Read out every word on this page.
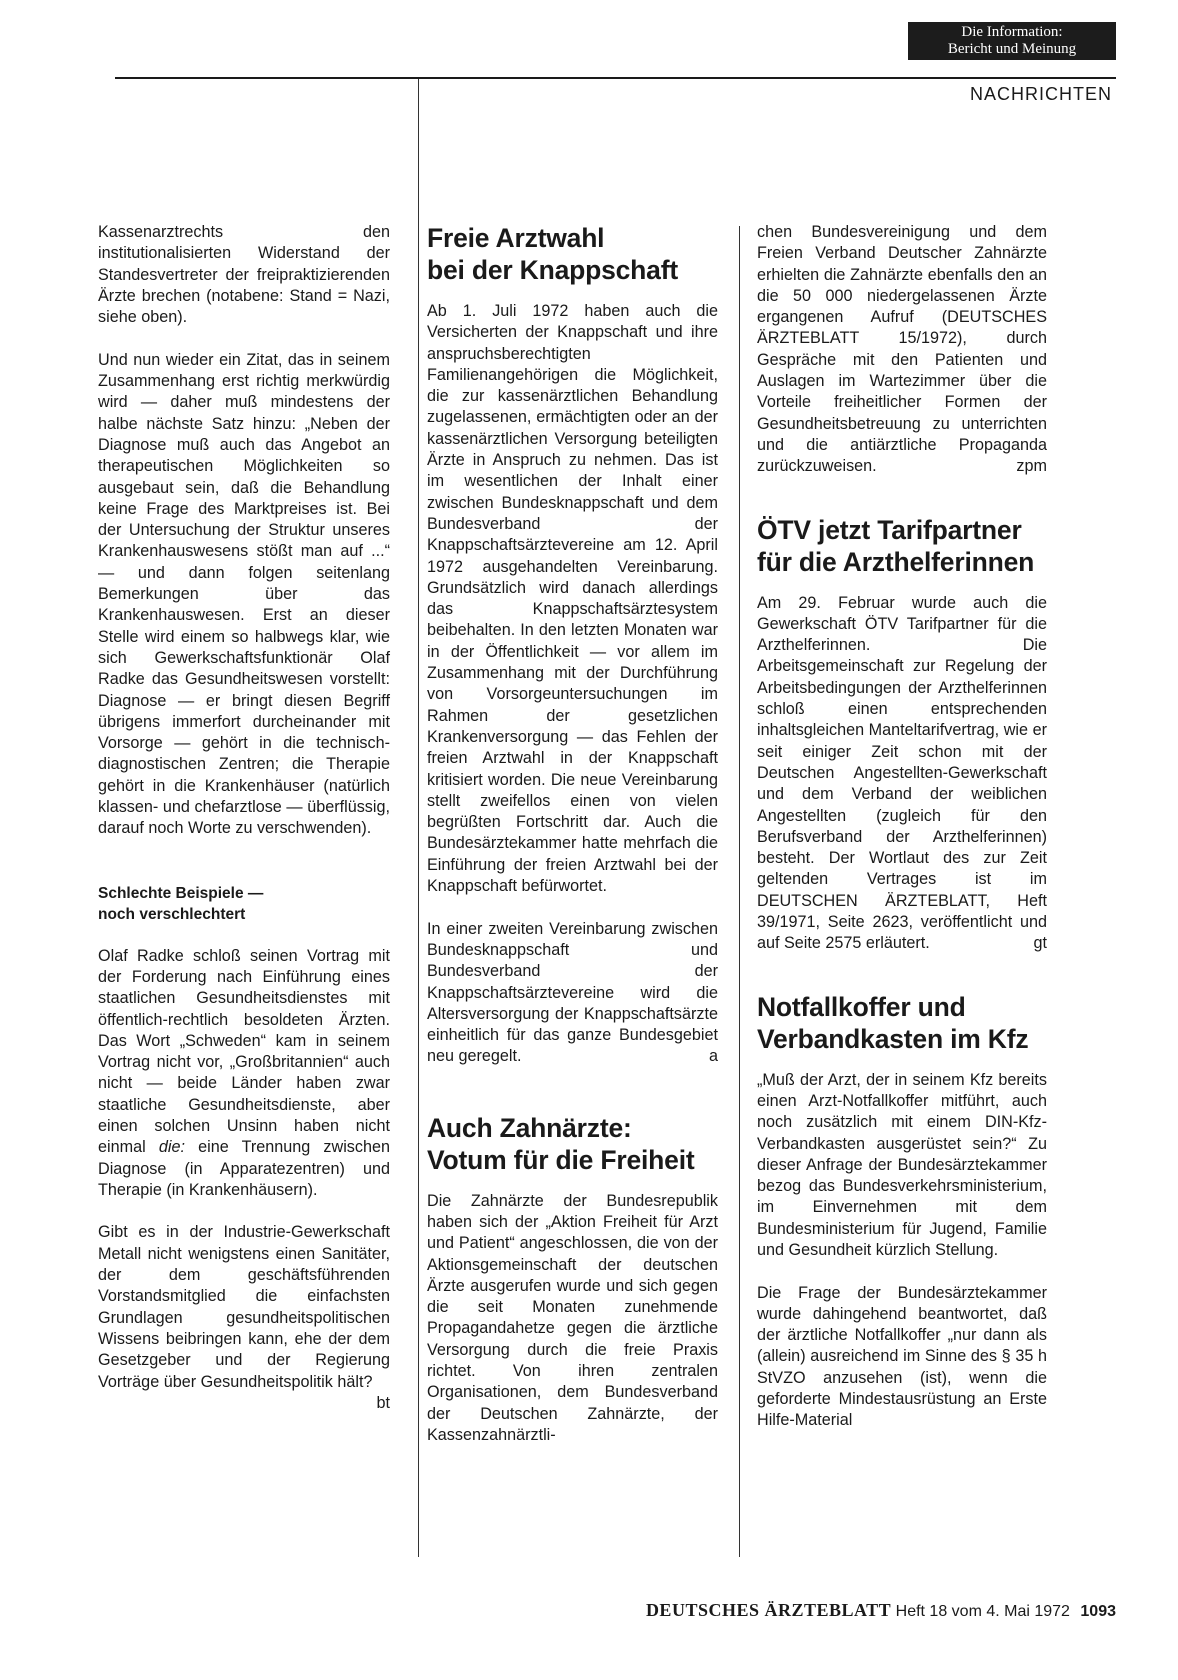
Die Information:
Bericht und Meinung
NACHRICHTEN

Kassenarztrechts den institutionalisierten Widerstand der Standesvertreter der freipraktizierenden Ärzte brechen (notabene: Stand = Nazi, siehe oben).

Und nun wieder ein Zitat, das in seinem Zusammenhang erst richtig merkwürdig wird — daher muß mindestens der halbe nächste Satz hinzu: „Neben der Diagnose muß auch das Angebot an therapeutischen Möglichkeiten so ausgebaut sein, daß die Behandlung keine Frage des Marktpreises ist. Bei der Untersuchung der Struktur unseres Krankenhauswesens stößt man auf ...“ — und dann folgen seitenlang Bemerkungen über das Krankenhauswesen. Erst an dieser Stelle wird einem so halbwegs klar, wie sich Gewerkschaftsfunktionär Olaf Radke das Gesundheitswesen vorstellt: Diagnose — er bringt diesen Begriff übrigens immerfort durcheinander mit Vorsorge — gehört in die technisch-diagnostischen Zentren; die Therapie gehört in die Krankenhäuser (natürlich klassen- und chefarztlose — überflüssig, darauf noch Worte zu verschwenden).

Schlechte Beispiele —
noch verschlechtert

Olaf Radke schloß seinen Vortrag mit der Forderung nach Einführung eines staatlichen Gesundheitsdienstes mit öffentlich-rechtlich besoldeten Ärzten. Das Wort „Schweden“ kam in seinem Vortrag nicht vor, „Großbritannien“ auch nicht — beide Länder haben zwar staatliche Gesundheitsdienste, aber einen solchen Unsinn haben nicht einmal die: eine Trennung zwischen Diagnose (in Apparatezentren) und Therapie (in Krankenhäusern).

Gibt es in der Industrie-Gewerkschaft Metall nicht wenigstens einen Sanitäter, der dem geschäftsführenden Vorstandsmitglied die einfachsten Grundlagen gesundheitspolitischen Wissens beibringen kann, ehe der dem Gesetzgeber und der Regierung Vorträge über Gesundheitspolitik hält?
bt

Freie Arztwahl
bei der Knappschaft

Ab 1. Juli 1972 haben auch die Versicherten der Knappschaft und ihre anspruchsberechtigten Familienangehörigen die Möglichkeit, die zur kassenärztlichen Behandlung zugelassenen, ermächtigten oder an der kassenärztlichen Versorgung beteiligten Ärzte in Anspruch zu nehmen. Das ist im wesentlichen der Inhalt einer zwischen Bundesknappschaft und dem Bundesverband der Knappschaftsärztevereine am 12. April 1972 ausgehandelten Vereinbarung. Grundsätzlich wird danach allerdings das Knappschaftsärztesystem beibehalten. In den letzten Monaten war in der Öffentlichkeit — vor allem im Zusammenhang mit der Durchführung von Vorsorgeuntersuchungen im Rahmen der gesetzlichen Krankenversorgung — das Fehlen der freien Arztwahl in der Knappschaft kritisiert worden. Die neue Vereinbarung stellt zweifellos einen von vielen begrüßten Fortschritt dar. Auch die Bundesärztekammer hatte mehrfach die Einführung der freien Arztwahl bei der Knappschaft befürwortet.

In einer zweiten Vereinbarung zwischen Bundesknappschaft und Bundesverband der Knappschaftsärztevereine wird die Altersversorgung der Knappschaftsärzte einheitlich für das ganze Bundesgebiet neu geregelt.	a

Auch Zahnärzte:
Votum für die Freiheit

Die Zahnärzte der Bundesrepublik haben sich der „Aktion Freiheit für Arzt und Patient“ angeschlossen, die von der Aktionsgemeinschaft der deutschen Ärzte ausgerufen wurde und sich gegen die seit Monaten zunehmende Propagandahetze gegen die ärztliche Versorgung durch die freie Praxis richtet. Von ihren zentralen Organisationen, dem Bundesverband der Deutschen Zahnärzte, der Kassenzahnärztli-

chen Bundesvereinigung und dem Freien Verband Deutscher Zahnärzte erhielten die Zahnärzte ebenfalls den an die 50 000 niedergelassenen Ärzte ergangenen Aufruf (DEUTSCHES ÄRZTEBLATT 15/1972), durch Gespräche mit den Patienten und Auslagen im Wartezimmer über die Vorteile freiheitlicher Formen der Gesundheitsbetreuung zu unterrichten und die antiärztliche Propaganda zurückzuweisen.	zpm

ÖTV jetzt Tarifpartner
für die Arzthelferinnen

Am 29. Februar wurde auch die Gewerkschaft ÖTV Tarifpartner für die Arzthelferinnen. Die Arbeitsgemeinschaft zur Regelung der Arbeitsbedingungen der Arzthelferinnen schloß einen entsprechenden inhaltsgleichen Manteltarifvertrag, wie er seit einiger Zeit schon mit der Deutschen Angestellten-Gewerkschaft und dem Verband der weiblichen Angestellten (zugleich für den Berufsverband der Arzthelferinnen) besteht. Der Wortlaut des zur Zeit geltenden Vertrages ist im DEUTSCHEN ÄRZTEBLATT, Heft 39/1971, Seite 2623, veröffentlicht und auf Seite 2575 erläutert.	gt

Notfallkoffer und
Verbandkasten im Kfz

„Muß der Arzt, der in seinem Kfz bereits einen Arzt-Notfallkoffer mitführt, auch noch zusätzlich mit einem DIN-Kfz-Verbandkasten ausgerüstet sein?“ Zu dieser Anfrage der Bundesärztekammer bezog das Bundesverkehrsministerium, im Einvernehmen mit dem Bundesministerium für Jugend, Familie und Gesundheit kürzlich Stellung.

Die Frage der Bundesärztekammer wurde dahingehend beantwortet, daß der ärztliche Notfallkoffer „nur dann als (allein) ausreichend im Sinne des § 35 h StVZO anzusehen (ist), wenn die geforderte Mindestausrüstung an Erste Hilfe-Material

DEUTSCHES ÄRZTEBLATT Heft 18 vom 4. Mai 1972 1093
